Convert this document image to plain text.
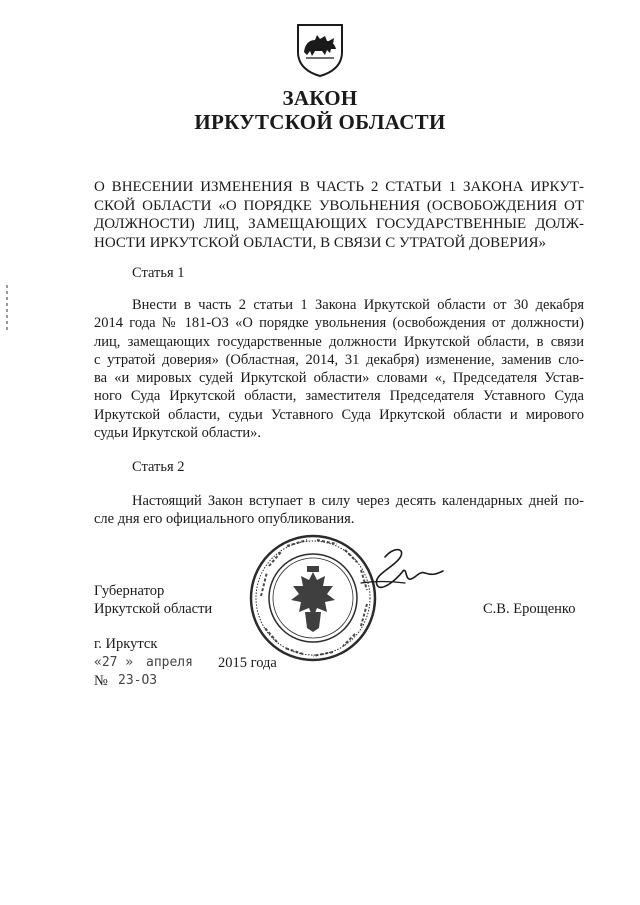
ЗАКОН
ИРКУТСКОЙ ОБЛАСТИ
О ВНЕСЕНИИ ИЗМЕНЕНИЯ В ЧАСТЬ 2 СТАТЬИ 1 ЗАКОНА ИРКУТ-
СКОЙ ОБЛАСТИ «О ПОРЯДКЕ УВОЛЬНЕНИЯ (ОСВОБОЖДЕНИЯ ОТ
ДОЛЖНОСТИ) ЛИЦ, ЗАМЕЩАЮЩИХ ГОСУДАРСТВЕННЫЕ ДОЛЖ-
НОСТИ ИРКУТСКОЙ ОБЛАСТИ, В СВЯЗИ С УТРАТОЙ ДОВЕРИЯ»
Статья 1
Внести в часть 2 статьи 1 Закона Иркутской области от 30 декабря
2014 года № 181-ОЗ «О порядке увольнения (освобождения от должности)
лиц, замещающих государственные должности Иркутской области, в связи
с утратой доверия» (Областная, 2014, 31 декабря) изменение, заменив сло-
ва «и мировых судей Иркутской области» словами «, Председателя Устав-
ного Суда Иркутской области, заместителя Председателя Уставного Суда
Иркутской области, судьи Уставного Суда Иркутской области и мирового
судьи Иркутской области».
Статья 2
Настоящий Закон вступает в силу через десять календарных дней по-
сле дня его официального опубликования.
Губернатор
Иркутской области	С.В. Ерощенко
г. Иркутск
«27 » апреля 2015 года
№ 23-ОЗ
